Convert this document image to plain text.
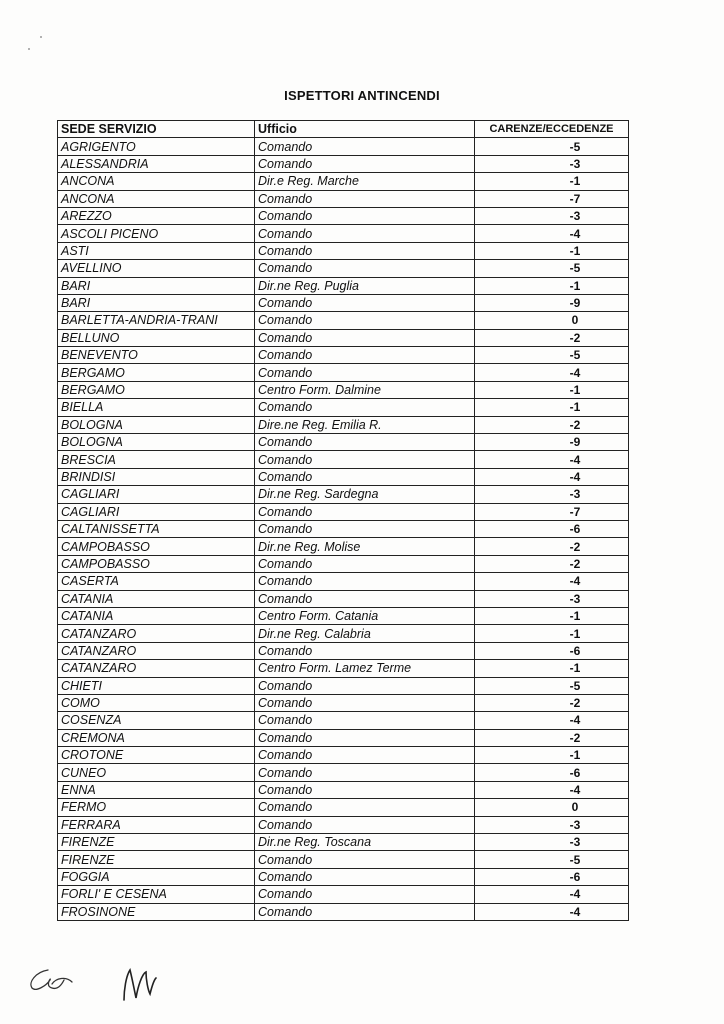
ISPETTORI ANTINCENDI
SEDE SERVIZIO	Ufficio	CARENZE/ECCEDENZE
AGRIGENTO	Comando	-5
ALESSANDRIA	Comando	-3
ANCONA	Dir.e Reg. Marche	-1
ANCONA	Comando	-7
AREZZO	Comando	-3
ASCOLI PICENO	Comando	-4
ASTI	Comando	-1
AVELLINO	Comando	-5
BARI	Dir.ne Reg. Puglia	-1
BARI	Comando	-9
BARLETTA-ANDRIA-TRANI	Comando	0
BELLUNO	Comando	-2
BENEVENTO	Comando	-5
BERGAMO	Comando	-4
BERGAMO	Centro Form. Dalmine	-1
BIELLA	Comando	-1
BOLOGNA	Dire.ne Reg. Emilia R.	-2
BOLOGNA	Comando	-9
BRESCIA	Comando	-4
BRINDISI	Comando	-4
CAGLIARI	Dir.ne Reg. Sardegna	-3
CAGLIARI	Comando	-7
CALTANISSETTA	Comando	-6
CAMPOBASSO	Dir.ne Reg. Molise	-2
CAMPOBASSO	Comando	-2
CASERTA	Comando	-4
CATANIA	Comando	-3
CATANIA	Centro Form. Catania	-1
CATANZARO	Dir.ne Reg. Calabria	-1
CATANZARO	Comando	-6
CATANZARO	Centro Form. Lamez Terme	-1
CHIETI	Comando	-5
COMO	Comando	-2
COSENZA	Comando	-4
CREMONA	Comando	-2
CROTONE	Comando	-1
CUNEO	Comando	-6
ENNA	Comando	-4
FERMO	Comando	0
FERRARA	Comando	-3
FIRENZE	Dir.ne Reg. Toscana	-3
FIRENZE	Comando	-5
FOGGIA	Comando	-6
FORLI' E CESENA	Comando	-4
FROSINONE	Comando	-4
